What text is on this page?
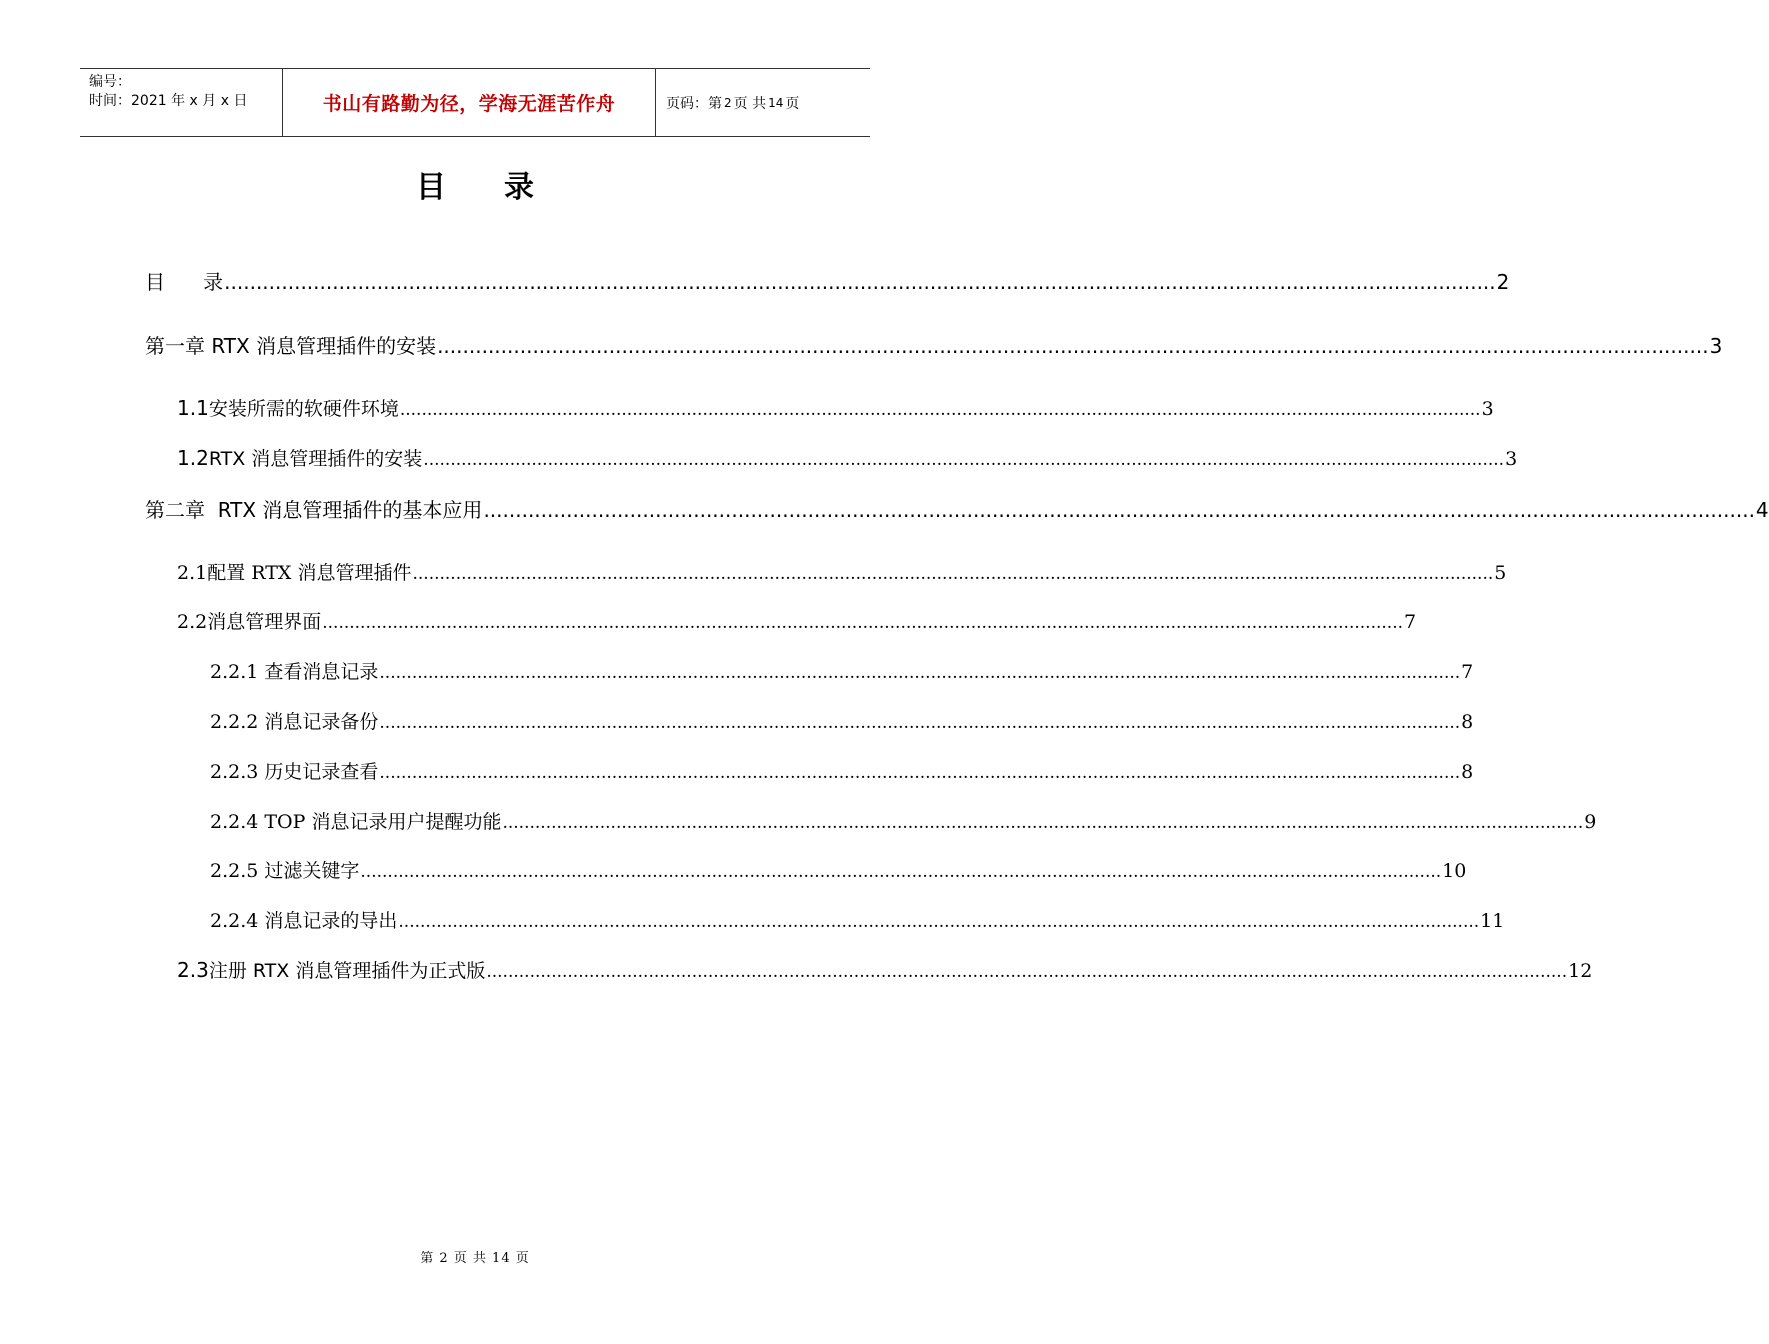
编号：
时间：2021 年 x 月 x 日	书山有路勤为径，学海无涯苦作舟	页码：第 2 页 共 14 页
目 录
目      录 ........................................................................................................................................................................................................ 2
第一章 RTX 消息管理插件的安装 ........................................................................................................................................................................................................ 3
1.1 安装所需的软硬件环境 ........................................................................................................................................................................................................ 3
1.2 RTX 消息管理插件的安装 ........................................................................................................................................................................................................ 3
第二章  RTX 消息管理插件的基本应用 ........................................................................................................................................................................................................ 4
2.1 配置 RTX 消息管理插件 ........................................................................................................................................................................................................ 5
2.2 消息管理界面 ........................................................................................................................................................................................................ 7
2.2.1 查看消息记录 ........................................................................................................................................................................................................ 7
2.2.2 消息记录备份 ........................................................................................................................................................................................................ 8
2.2.3 历史记录查看 ........................................................................................................................................................................................................ 8
2.2.4 TOP 消息记录用户提醒功能 ........................................................................................................................................................................................................ 9
2.2.5 过滤关键字 ........................................................................................................................................................................................................ 10
2.2.4 消息记录的导出 ........................................................................................................................................................................................................ 11
2.3 注册 RTX 消息管理插件为正式版 ........................................................................................................................................................................................................ 12
第 2 页 共 14 页
